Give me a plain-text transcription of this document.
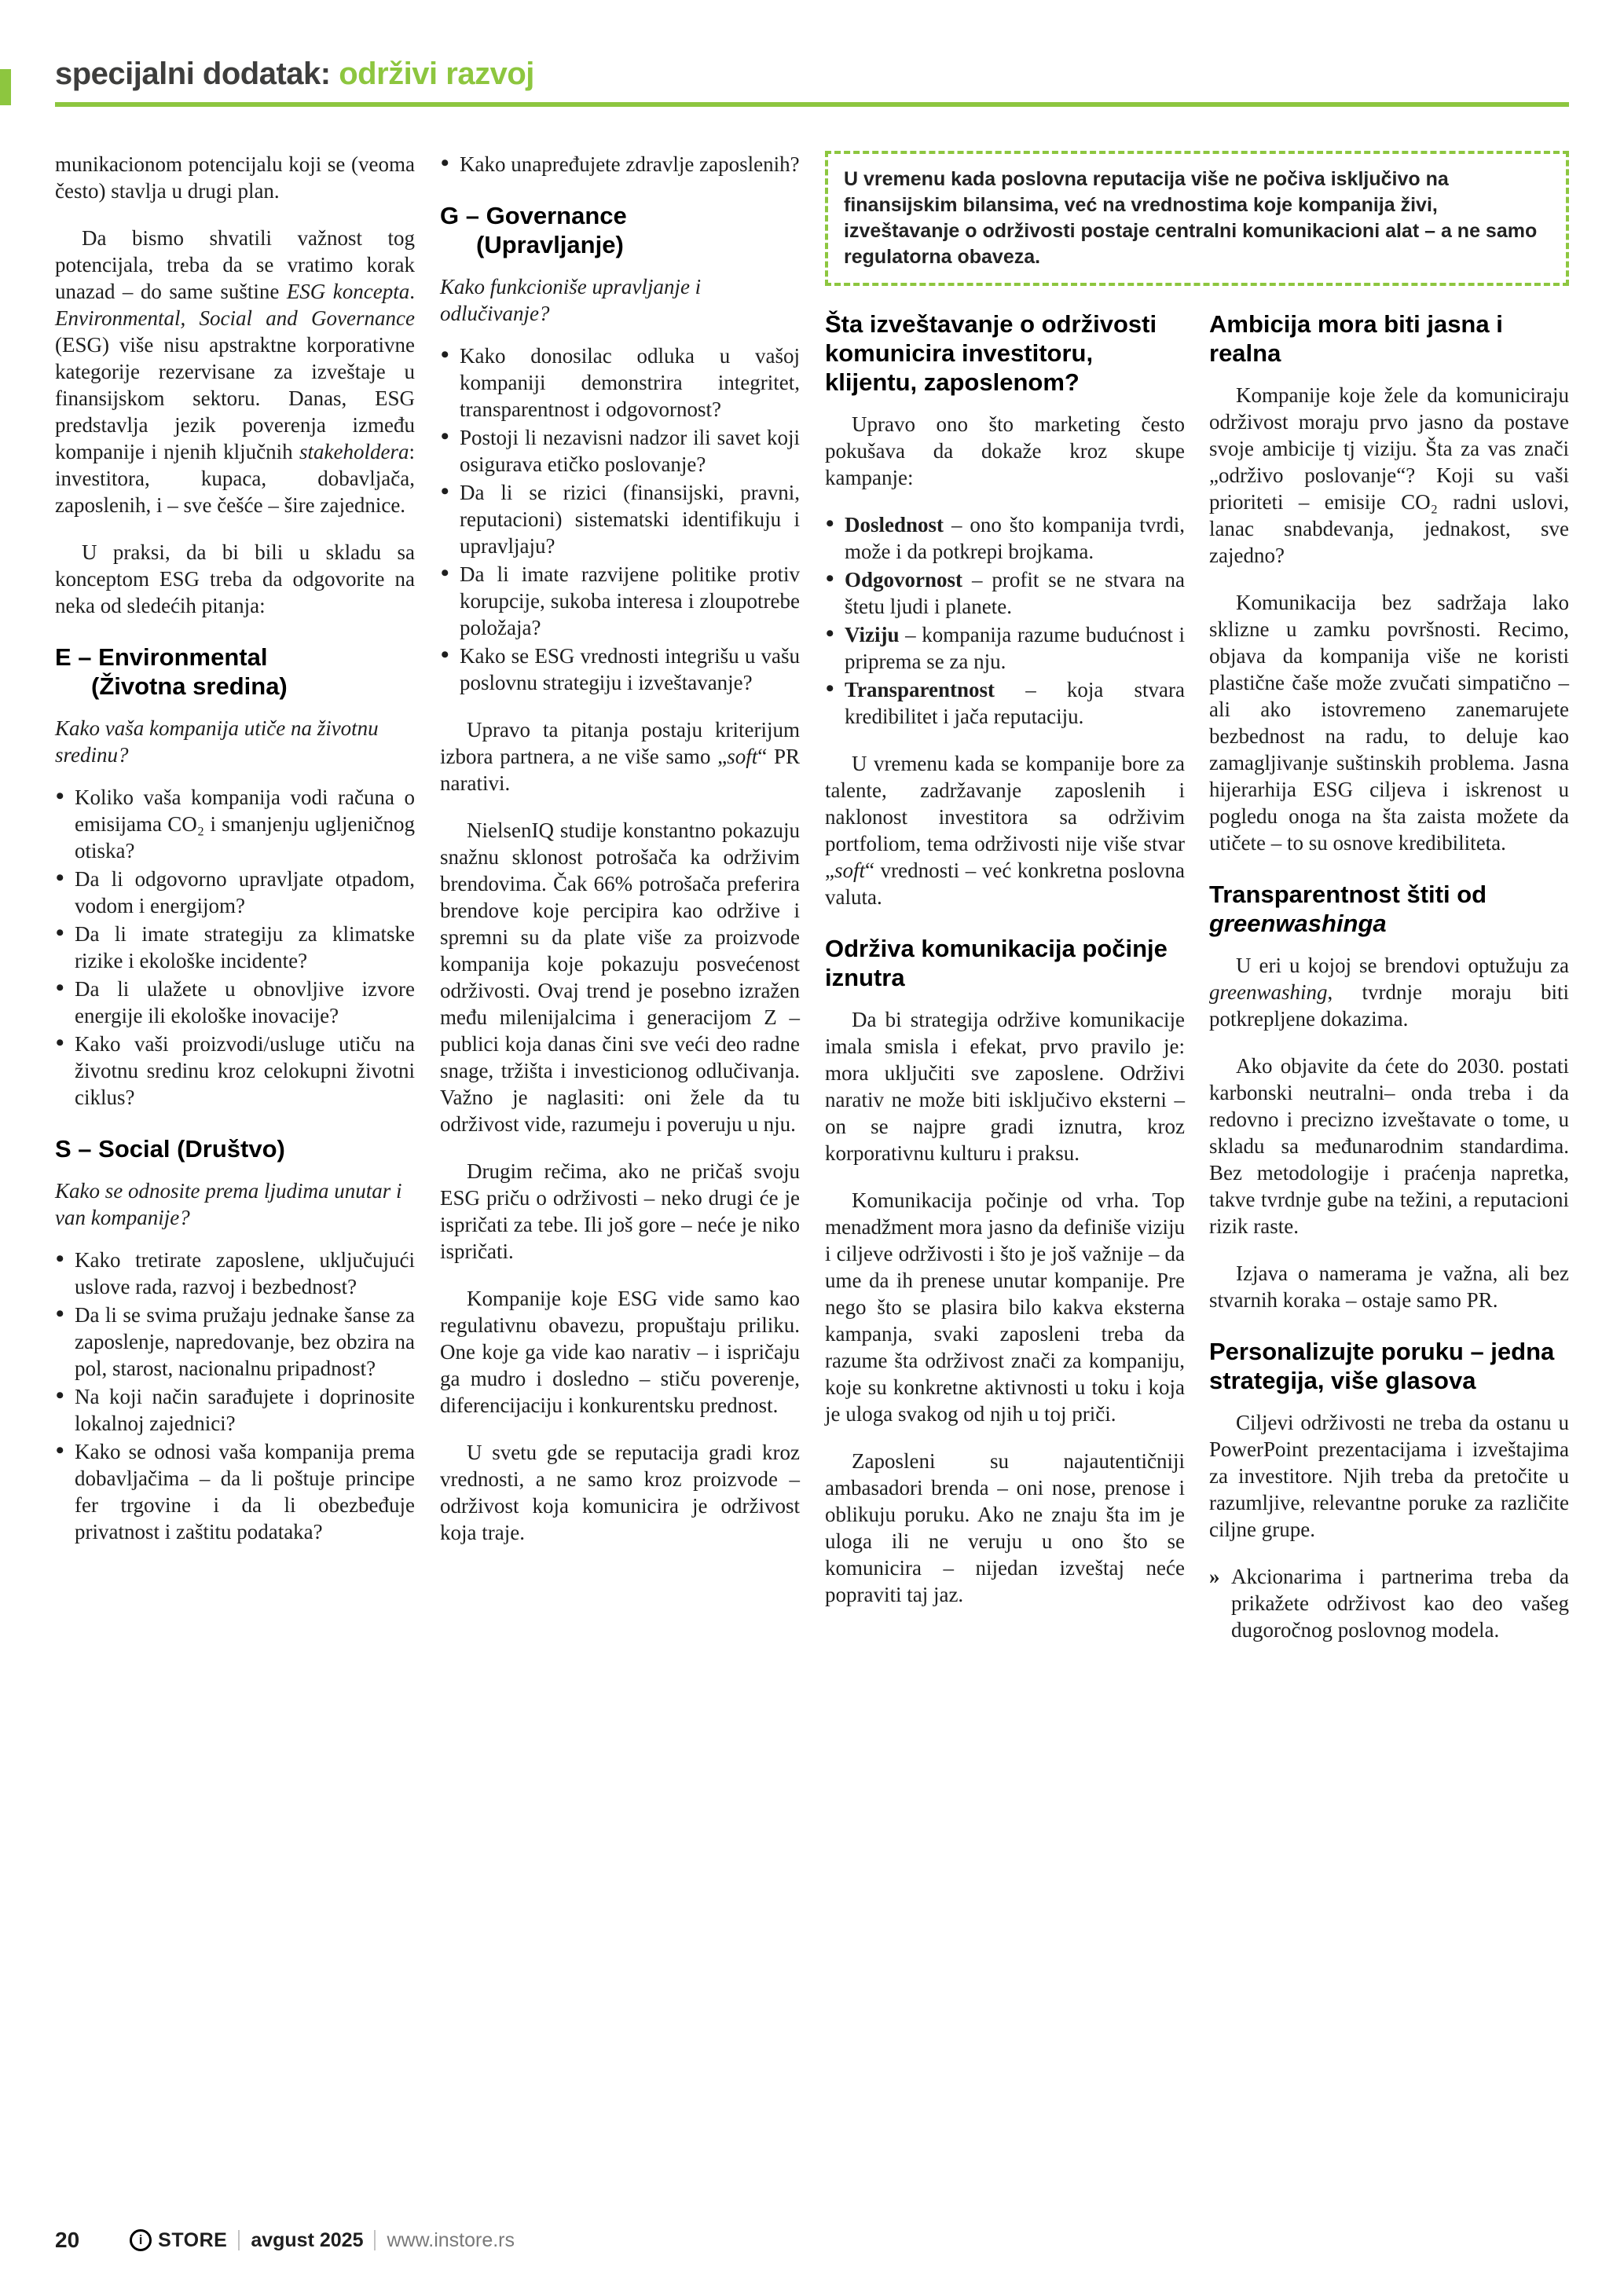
specijalni dodatak: održivi razvoj

munikacionom potencijalu koji se (veoma često) stavlja u drugi plan.

Da bismo shvatili važnost tog potencijala, treba da se vratimo korak unazad – do same suštine ESG koncepta. Environmental, Social and Governance (ESG) više nisu apstraktne korporativne kategorije rezervisane za izveštaje u finansijskom sektoru. Danas, ESG predstavlja jezik poverenja između kompanije i njenih ključnih stakeholdera: investitora, kupaca, dobavljača, zaposlenih, i – sve češće – šire zajednice.

U praksi, da bi bili u skladu sa konceptom ESG treba da odgovorite na neka od sledećih pitanja:

E – Environmental
(Životna sredina)

Kako vaša kompanija utiče na životnu sredinu?

• Koliko vaša kompanija vodi računa o emisijama CO₂ i smanjenju ugljeničnog otiska?
• Da li odgovorno upravljate otpadom, vodom i energijom?
• Da li imate strategiju za klimatske rizike i ekološke incidente?
• Da li ulažete u obnovljive izvore energije ili ekološke inovacije?
• Kako vaši proizvodi/usluge utiču na životnu sredinu kroz celokupni životni ciklus?
S – Social (Društvo)

Kako se odnosite prema ljudima unutar i van kompanije?

• Kako tretirate zaposlene, uključujući uslove rada, razvoj i bezbednost?
• Da li se svima pružaju jednake šanse za zaposlenje, napredovanje, bez obzira na pol, starost, nacionalnu pripadnost?
• Na koji način sarađujete i doprinosite lokalnoj zajednici?
• Kako se odnosi vaša kompanija prema dobavljačima – da li poštuje principe fer trgovine i da li obezbeđuje privatnost i zaštitu podataka?
• Kako unapređujete zdravlje zaposlenih?
G – Governance
(Upravljanje)

Kako funkcioniše upravljanje i odlučivanje?

• Kako donosilac odluka u vašoj kompaniji demonstrira integritet, transparentnost i odgovornost?
• Postoji li nezavisni nadzor ili savet koji osigurava etičko poslovanje?
• Da li se rizici (finansijski, pravni, reputacioni) sistematski identifikuju i upravljaju?
• Da li imate razvijene politike protiv korupcije, sukoba interesa i zloupotrebe položaja?
• Kako se ESG vrednosti integrišu u vašu poslovnu strategiju i izveštavanje?

Upravo ta pitanja postaju kriterijum izbora partnera, a ne više samo „soft“ PR narativi.

NielsenIQ studije konstantno pokazuju snažnu sklonost potrošača ka održivim brendovima. Čak 66% potrošača preferira brendove koje percipira kao održive i spremni su da plate više za proizvode kompanija koje pokazuju posvećenost održivosti. Ovaj trend je posebno izražen među milenijalcima i generacijom Z – publici koja danas čini sve veći deo radne snage, tržišta i investicionog odlučivanja. Važno je naglasiti: oni žele da tu održivost vide, razumeju i poveruju u nju.

Drugim rečima, ako ne pričaš svoju ESG priču o održivosti – neko drugi će je ispričati za tebe. Ili još gore – neće je niko ispričati.

Kompanije koje ESG vide samo kao regulativnu obavezu, propuštaju priliku. One koje ga vide kao narativ – i ispričaju ga mudro i dosledno – stiču poverenje, diferencijaciju i konkurentsku prednost.

U svetu gde se reputacija gradi kroz vrednosti, a ne samo kroz proizvode – održivost koja komunicira je održivost koja traje.

U vremenu kada poslovna reputacija više ne počiva isključivo na finansijskim bilansima, već na vrednostima koje kompanija živi, izveštavanje o održivosti postaje centralni komunikacioni alat – a ne samo regulatorna obaveza.

Šta izveštavanje o održivosti komunicira investitoru, klijentu, zaposlenom?

Upravo ono što marketing često pokušava da dokaže kroz skupe kampanje:

• Doslednost – ono što kompanija tvrdi, može i da potkrepi brojkama.
• Odgovornost – profit se ne stvara na štetu ljudi i planete.
• Viziju – kompanija razume budućnost i priprema se za nju.
• Transparentnost – koja stvara kredibilitet i jača reputaciju.

U vremenu kada se kompanije bore za talente, zadržavanje zaposlenih i naklonost investitora sa održivim portfoliom, tema održivosti nije više stvar „soft“ vrednosti – već konkretna poslovna valuta.

Održiva komunikacija počinje iznutra

Da bi strategija održive komunikacije imala smisla i efekat, prvo pravilo je: mora uključiti sve zaposlene. Održivi narativ ne može biti isključivo eksterni – on se najpre gradi iznutra, kroz korporativnu kulturu i praksu.

Komunikacija počinje od vrha. Top menadžment mora jasno da definiše viziju i ciljeve održivosti i što je još važnije – da ume da ih prenese unutar kompanije. Pre nego što se plasira bilo kakva eksterna kampanja, svaki zaposleni treba da razume šta održivost znači za kompaniju, koje su konkretne aktivnosti u toku i koja je uloga svakog od njih u toj priči.

Zaposleni su najautentičniji ambasadori brenda – oni nose, prenose i oblikuju poruku. Ako ne znaju šta im je uloga ili ne veruju u ono što se komunicira – nijedan izveštaj neće popraviti taj jaz.

Ambicija mora biti jasna i realna

Kompanije koje žele da komuniciraju održivost moraju prvo jasno da postave svoje ambicije tj viziju. Šta za vas znači „održivo poslovanje“? Koji su vaši prioriteti – emisije CO₂ radni uslovi, lanac snabdevanja, jednakost, sve zajedno?

Komunikacija bez sadržaja lako sklizne u zamku površnosti. Recimo, objava da kompanija više ne koristi plastične čaše može zvučati simpatično – ali ako istovremeno zanemarujete bezbednost na radu, to deluje kao zamagljivanje suštinskih problema. Jasna hijerarhija ESG ciljeva i iskrenost u pogledu onoga na šta zaista možete da utičete – to su osnove kredibiliteta.

Transparentnost štiti od greenwashinga

U eri u kojoj se brendovi optužuju za greenwashing, tvrdnje moraju biti potkrepljene dokazima.

Ako objavite da ćete do 2030. postati karbonski neutralni– onda treba i da redovno i precizno izveštavate o tome, u skladu sa međunarodnim standardima. Bez metodologije i praćenja napretka, takve tvrdnje gube na težini, a reputacioni rizik raste.

Izjava o namerama je važna, ali bez stvarnih koraka – ostaje samo PR.

Personalizujte poruku – jedna strategija, više glasova

Ciljevi održivosti ne treba da ostanu u PowerPoint prezentacijama i izveštajima za investitore. Njih treba da pretočite u razumljive, relevantne poruke za različite ciljne grupe.

» Akcionarima i partnerima treba da prikažete održivost kao deo vašeg dugoročnog poslovnog modela.
20	i STORE avgust 2025 www.instore.rs
